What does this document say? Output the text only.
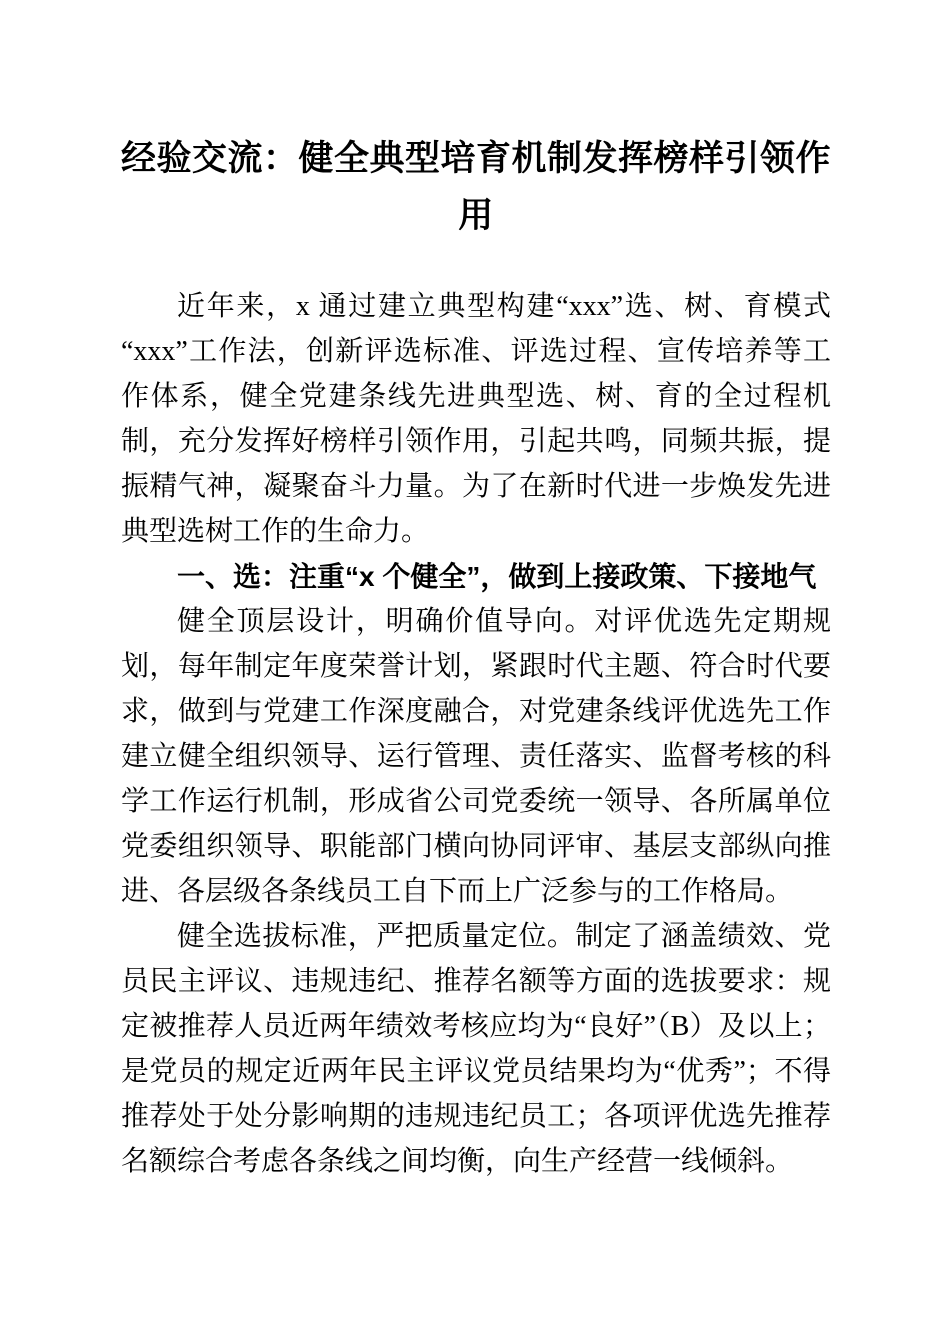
经验交流：健全典型培育机制发挥榜样引领作用

近年来，x 通过建立典型构建“xxx”选、树、育模式“xxx”工作法，创新评选标准、评选过程、宣传培养等工作体系，健全党建条线先进典型选、树、育的全过程机制，充分发挥好榜样引领作用，引起共鸣，同频共振，提振精气神，凝聚奋斗力量。为了在新时代进一步焕发先进典型选树工作的生命力。

一、选：注重“x 个健全”，做到上接政策、下接地气

健全顶层设计，明确价值导向。对评优选先定期规划，每年制定年度荣誉计划，紧跟时代主题、符合时代要求，做到与党建工作深度融合，对党建条线评优选先工作建立健全组织领导、运行管理、责任落实、监督考核的科学工作运行机制，形成省公司党委统一领导、各所属单位党委组织领导、职能部门横向协同评审、基层支部纵向推进、各层级各条线员工自下而上广泛参与的工作格局。

健全选拔标准，严把质量定位。制定了涵盖绩效、党员民主评议、违规违纪、推荐名额等方面的选拔要求：规定被推荐人员近两年绩效考核应均为“良好”（B）及以上；是党员的规定近两年民主评议党员结果均为“优秀”；不得推荐处于处分影响期的违规违纪员工；各项评优选先推荐名额综合考虑各条线之间均衡，向生产经营一线倾斜。
